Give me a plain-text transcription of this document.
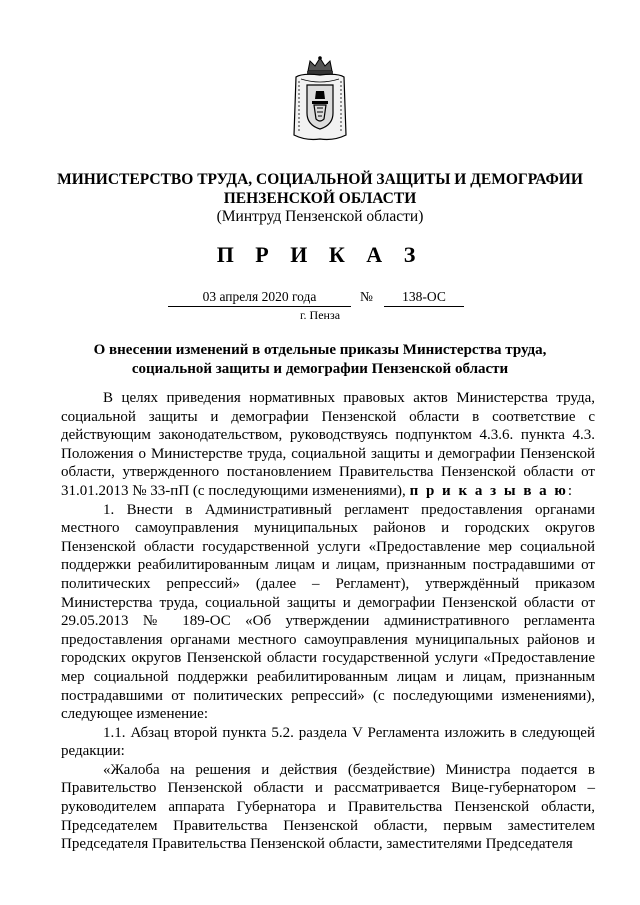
МИНИСТЕРСТВО ТРУДА, СОЦИАЛЬНОЙ ЗАЩИТЫ И ДЕМОГРАФИИ
ПЕНЗЕНСКОЙ ОБЛАСТИ
(Минтруд Пензенской области)
П Р И К А З
03 апреля 2020 года	№	138-ОС
г. Пенза
О внесении изменений в отдельные приказы Министерства труда,
социальной защиты и демографии Пензенской области

В целях приведения нормативных правовых актов Министерства труда, социальной защиты и демографии Пензенской области в соответствие с действующим законодательством, руководствуясь подпунктом 4.3.6. пункта 4.3. Положения о Министерстве труда, социальной защиты и демографии Пензенской области, утвержденного постановлением Правительства Пензенской области от 31.01.2013 № 33-пП (с последующими изменениями), п р и к а з ы в а ю:

1. Внести в Административный регламент предоставления органами местного самоуправления муниципальных районов и городских округов Пензенской области государственной услуги «Предоставление мер социальной поддержки реабилитированным лицам и лицам, признанным пострадавшими от политических репрессий» (далее – Регламент), утверждённый приказом Министерства труда, социальной защиты и демографии Пензенской области от 29.05.2013 № 189-ОС «Об утверждении административного регламента предоставления органами местного самоуправления муниципальных районов и городских округов Пензенской области государственной услуги «Предоставление мер социальной поддержки реабилитированным лицам и лицам, признанным пострадавшими от политических репрессий» (с последующими изменениями), следующее изменение:

1.1. Абзац второй пункта 5.2. раздела V Регламента изложить в следующей редакции:

«Жалоба на решения и действия (бездействие) Министра подается в Правительство Пензенской области и рассматривается Вице-губернатором – руководителем аппарата Губернатора и Правительства Пензенской области, Председателем Правительства Пензенской области, первым заместителем Председателя Правительства Пензенской области, заместителями Председателя
